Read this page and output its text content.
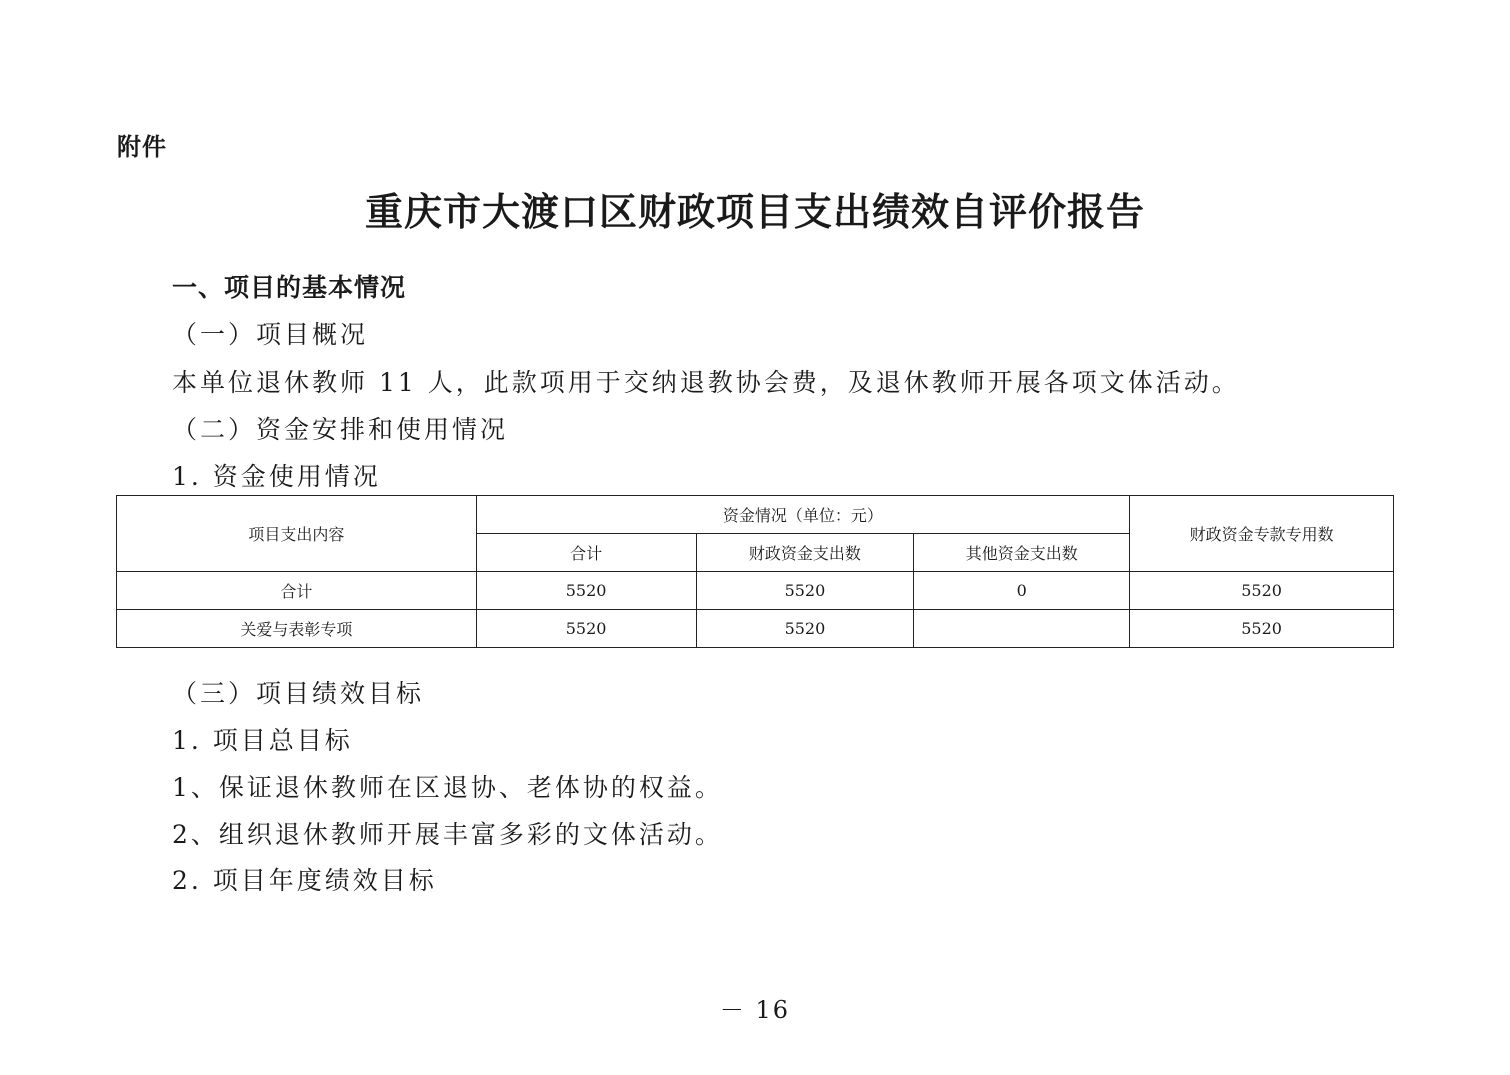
附件
重庆市大渡口区财政项目支出绩效自评价报告
一、项目的基本情况
（一）项目概况
本单位退休教师 11 人，此款项用于交纳退教协会费，及退休教师开展各项文体活动。
（二）资金安排和使用情况
1. 资金使用情况
项目支出内容	资金情况（单位：元）			财政资金专款专用数
	合计	财政资金支出数	其他资金支出数	
合计	5520	5520	0	5520
关爱与表彰专项	5520	5520		5520
（三）项目绩效目标
1. 项目总目标
1、保证退休教师在区退协、老体协的权益。
2、组织退休教师开展丰富多彩的文体活动。
2. 项目年度绩效目标
－ 16
